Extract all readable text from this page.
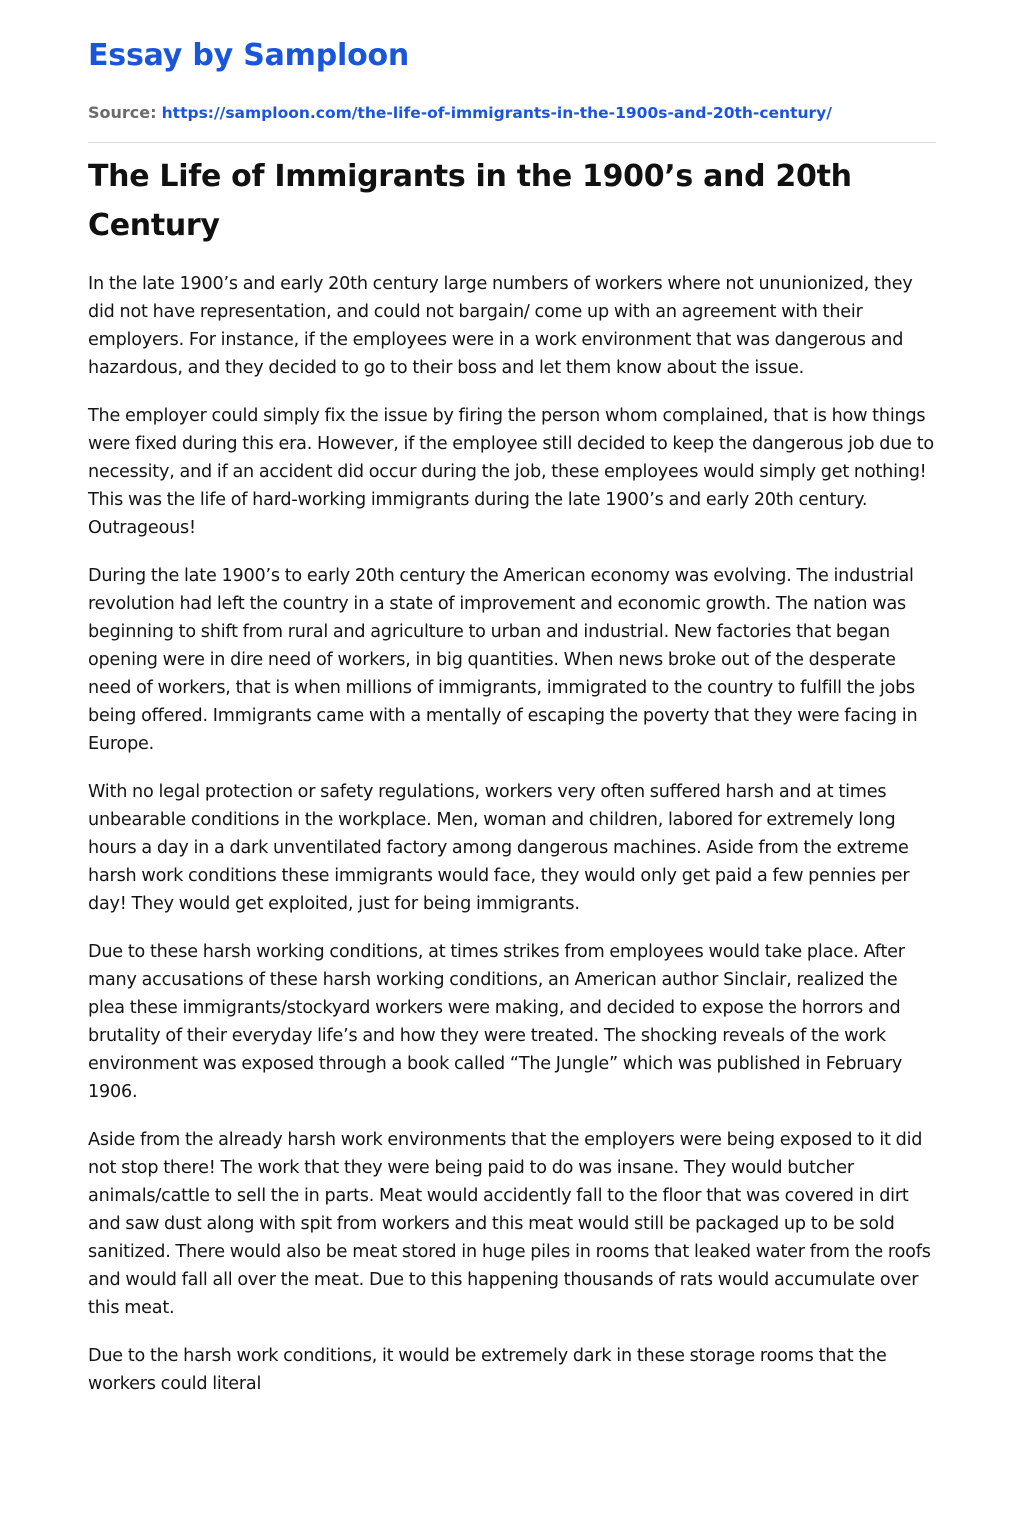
Essay by Samploon
Source: https://samploon.com/the-life-of-immigrants-in-the-1900s-and-20th-century/
The Life of Immigrants in the 1900’s and 20th Century

In the late 1900’s and early 20th century large numbers of workers where not ununionized, they did not have representation, and could not bargain/ come up with an agreement with their employers. For instance, if the employees were in a work environment that was dangerous and hazardous, and they decided to go to their boss and let them know about the issue.

The employer could simply fix the issue by firing the person whom complained, that is how things were fixed during this era. However, if the employee still decided to keep the dangerous job due to necessity, and if an accident did occur during the job, these employees would simply get nothing! This was the life of hard-working immigrants during the late 1900’s and early 20th century. Outrageous!

During the late 1900’s to early 20th century the American economy was evolving. The industrial revolution had left the country in a state of improvement and economic growth. The nation was beginning to shift from rural and agriculture to urban and industrial. New factories that began opening were in dire need of workers, in big quantities. When news broke out of the desperate need of workers, that is when millions of immigrants, immigrated to the country to fulfill the jobs being offered. Immigrants came with a mentally of escaping the poverty that they were facing in Europe.

With no legal protection or safety regulations, workers very often suffered harsh and at times unbearable conditions in the workplace. Men, woman and children, labored for extremely long hours a day in a dark unventilated factory among dangerous machines. Aside from the extreme harsh work conditions these immigrants would face, they would only get paid a few pennies per day! They would get exploited, just for being immigrants.

Due to these harsh working conditions, at times strikes from employees would take place. After many accusations of these harsh working conditions, an American author Sinclair, realized the plea these immigrants/stockyard workers were making, and decided to expose the horrors and brutality of their everyday life’s and how they were treated. The shocking reveals of the work environment was exposed through a book called “The Jungle” which was published in February 1906.

Aside from the already harsh work environments that the employers were being exposed to it did not stop there! The work that they were being paid to do was insane. They would butcher animals/cattle to sell the in parts. Meat would accidently fall to the floor that was covered in dirt and saw dust along with spit from workers and this meat would still be packaged up to be sold sanitized. There would also be meat stored in huge piles in rooms that leaked water from the roofs and would fall all over the meat. Due to this happening thousands of rats would accumulate over this meat.

Due to the harsh work conditions, it would be extremely dark in these storage rooms that the workers could literal
